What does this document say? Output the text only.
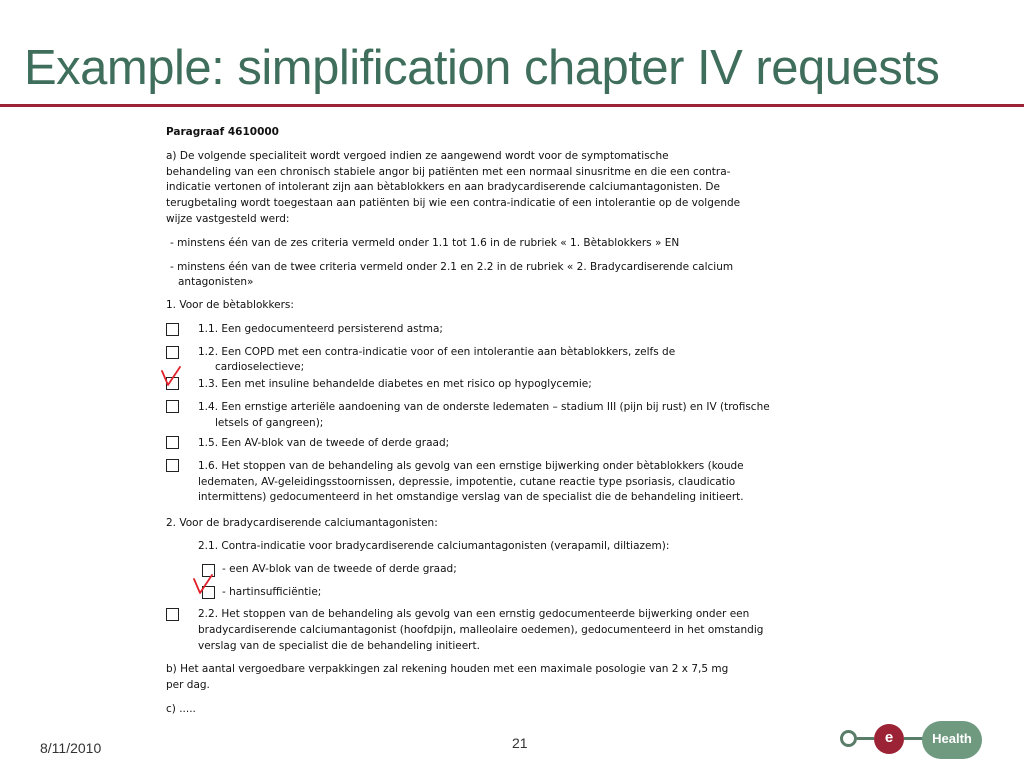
Example: simplification chapter IV requests
Paragraaf 4610000
a) De volgende specialiteit wordt vergoed indien ze aangewend wordt voor de symptomatische
behandeling van een chronisch stabiele angor bij patiënten met een normaal sinusritme en die een contra-
indicatie vertonen of intolerant zijn aan bètablokkers en aan bradycardiserende calciumantagonisten. De
terugbetaling wordt toegestaan aan patiënten bij wie een contra-indicatie of een intolerantie op de volgende
wijze vastgesteld werd:
- minstens één van de zes criteria vermeld onder 1.1 tot 1.6 in de rubriek « 1. Bètablokkers » EN
- minstens één van de twee criteria vermeld onder 2.1 en 2.2 in de rubriek « 2. Bradycardiserende calcium
antagonisten»
1. Voor de bètablokkers:
1.1. Een gedocumenteerd persisterend astma;
1.2. Een COPD met een contra-indicatie voor of een intolerantie aan bètablokkers, zelfs de
cardioselectieve;
1.3. Een met insuline behandelde diabetes en met risico op hypoglycemie;
1.4. Een ernstige arteriële aandoening van de onderste ledematen – stadium III (pijn bij rust) en IV (trofische
letsels of gangreen);
1.5. Een AV-blok van de tweede of derde graad;
1.6. Het stoppen van de behandeling als gevolg van een ernstige bijwerking onder bètablokkers (koude
ledematen, AV-geleidingsstoornissen, depressie, impotentie, cutane reactie type psoriasis, claudicatio
intermittens) gedocumenteerd in het omstandige verslag van de specialist die de behandeling initieert.
2. Voor de bradycardiserende calciumantagonisten:
2.1. Contra-indicatie voor bradycardiserende calciumantagonisten (verapamil, diltiazem):
- een AV-blok van de tweede of derde graad;
- hartinsufficiëntie;
2.2. Het stoppen van de behandeling als gevolg van een ernstig gedocumenteerde bijwerking onder een
bradycardiserende calciumantagonist (hoofdpijn, malleolaire oedemen), gedocumenteerd in het omstandig
verslag van de specialist die de behandeling initieert.
b) Het aantal vergoedbare verpakkingen zal rekening houden met een maximale posologie van 2 x 7,5 mg
per dag.
c) .....
8/11/2010	21	e	Health
